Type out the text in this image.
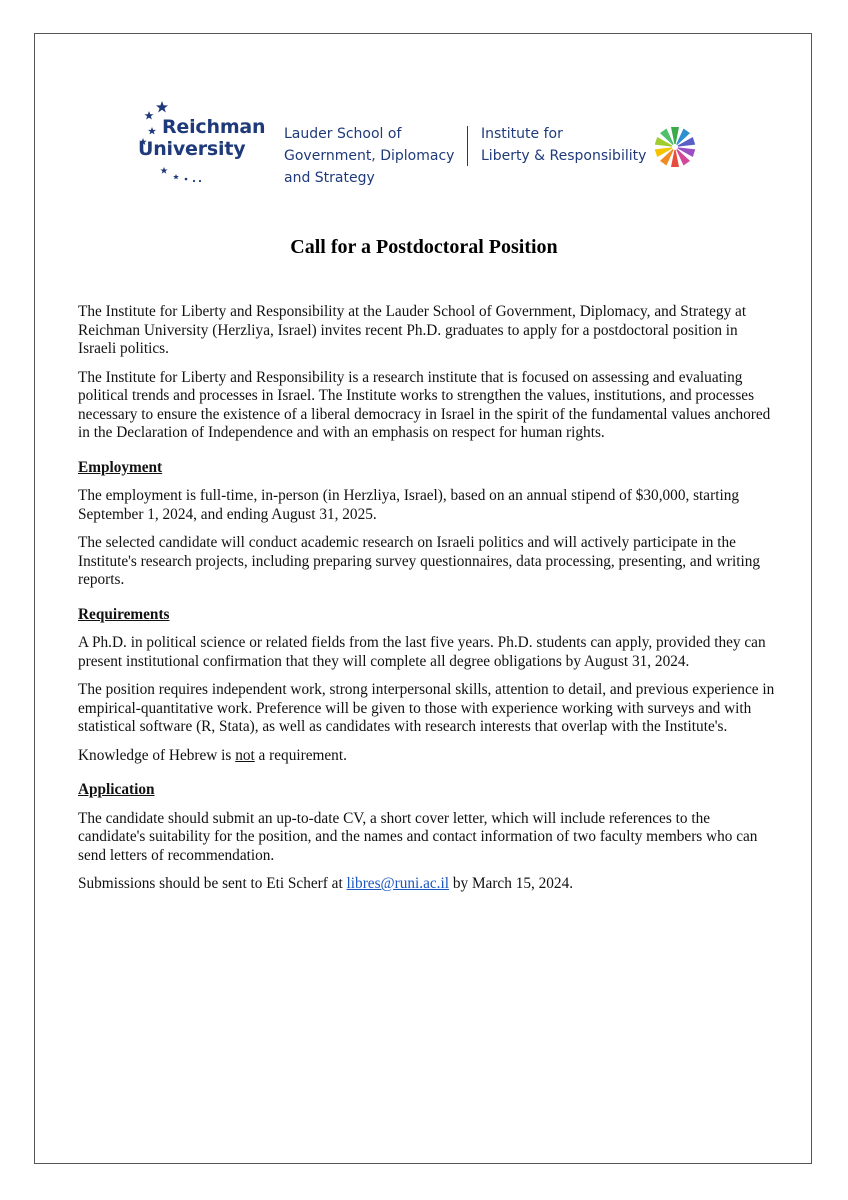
Reichman
University
Lauder School of
Government, Diplomacy
and Strategy
Institute for
Liberty & Responsibility
Call for a Postdoctoral Position

The Institute for Liberty and Responsibility at the Lauder School of Government, Diplomacy, and Strategy at Reichman University (Herzliya, Israel) invites recent Ph.D. graduates to apply for a postdoctoral position in Israeli politics.

The Institute for Liberty and Responsibility is a research institute that is focused on assessing and evaluating political trends and processes in Israel. The Institute works to strengthen the values, institutions, and processes necessary to ensure the existence of a liberal democracy in Israel in the spirit of the fundamental values anchored in the Declaration of Independence and with an emphasis on respect for human rights.

Employment

The employment is full-time, in-person (in Herzliya, Israel), based on an annual stipend of $30,000, starting September 1, 2024, and ending August 31, 2025.

The selected candidate will conduct academic research on Israeli politics and will actively participate in the Institute's research projects, including preparing survey questionnaires, data processing, presenting, and writing reports.

Requirements

A Ph.D. in political science or related fields from the last five years. Ph.D. students can apply, provided they can present institutional confirmation that they will complete all degree obligations by August 31, 2024.

The position requires independent work, strong interpersonal skills, attention to detail, and previous experience in empirical-quantitative work. Preference will be given to those with experience working with surveys and with statistical software (R, Stata), as well as candidates with research interests that overlap with the Institute's.

Knowledge of Hebrew is not a requirement.

Application

The candidate should submit an up-to-date CV, a short cover letter, which will include references to the candidate's suitability for the position, and the names and contact information of two faculty members who can send letters of recommendation.

Submissions should be sent to Eti Scherf at libres@runi.ac.il by March 15, 2024.
